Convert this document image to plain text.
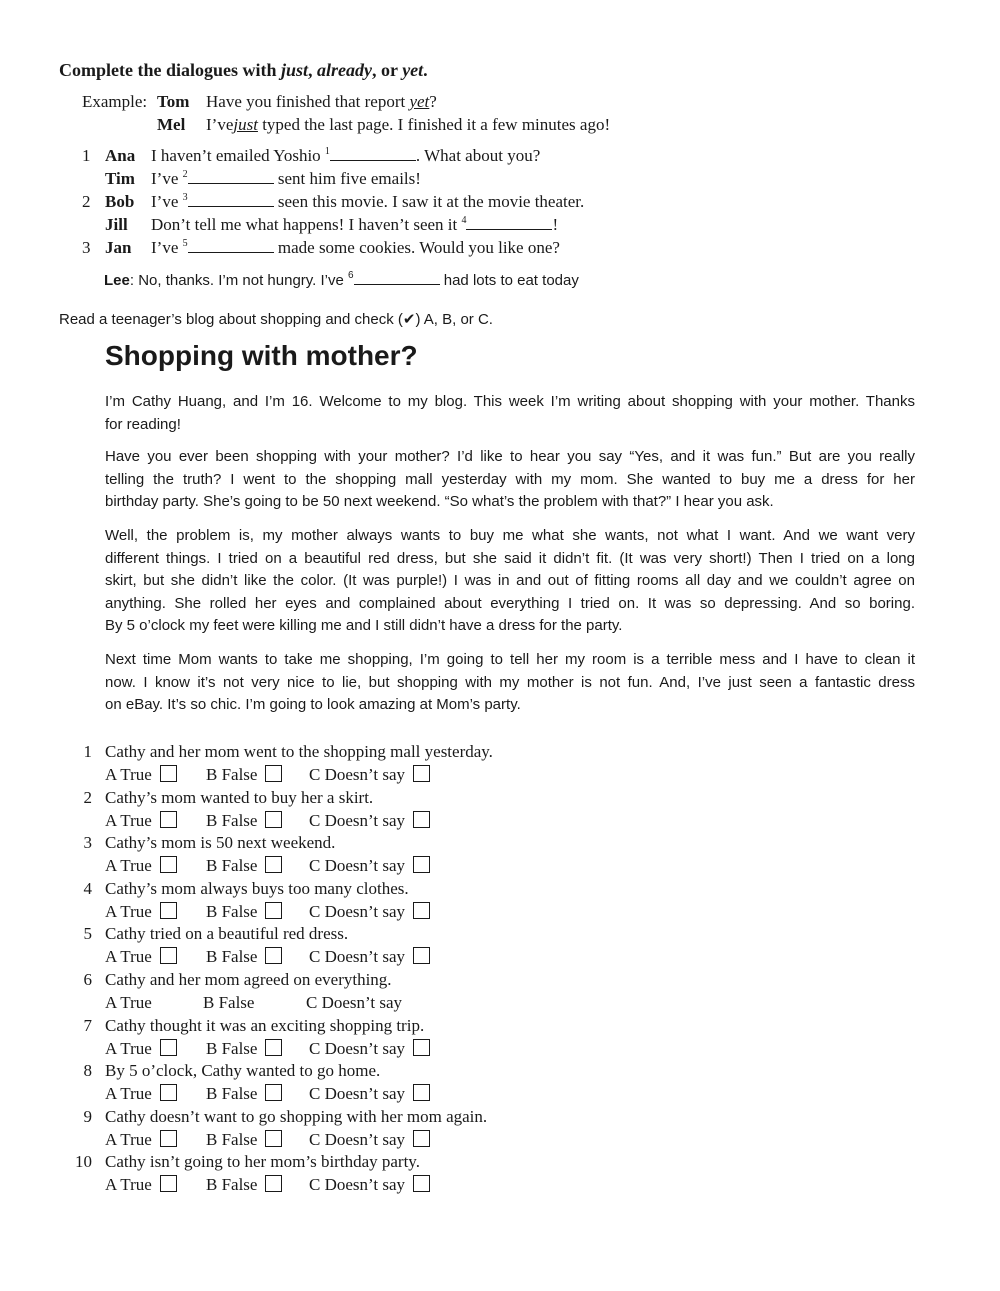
Complete the dialogues with just, already, or yet.
Example: Tom Have you finished that report yet?
Mel I’vejust typed the last page. I finished it a few minutes ago!
1 Ana I haven’t emailed Yoshio $^1$	. What about you?
Tim I’ve $^2$	sent him five emails!
2 Bob I’ve $^3$	seen this movie. I saw it at the movie theater.
Jill Don’t tell me what happens! I haven’t seen it $^4$	!
3 Jan I’ve $^5$	made some cookies. Would you like one?
Lee: No, thanks. I’m not hungry. I’ve $^6$	had lots to eat today
Read a teenager’s blog about shopping and check (✔) A, B, or C.
Shopping with mother?
I’m Cathy Huang, and I’m 16. Welcome to my blog. This week I’m writing about shopping with your mother. Thanks
for reading!
Have you ever been shopping with your mother? I’d like to hear you say “Yes, and it was fun.” But are you really
telling the truth? I went to the shopping mall yesterday with my mom. She wanted to buy me a dress for her
birthday party. She’s going to be 50 next weekend. “So what’s the problem with that?” I hear you ask.
Well, the problem is, my mother always wants to buy me what she wants, not what I want. And we want very
different things. I tried on a beautiful red dress, but she said it didn’t fit. (It was very short!) Then I tried on a long
skirt, but she didn’t like the color. (It was purple!) I was in and out of fitting rooms all day and we couldn’t agree on
anything. She rolled her eyes and complained about everything I tried on. It was so depressing. And so boring.
By 5 o’clock my feet were killing me and I still didn’t have a dress for the party.
Next time Mom wants to take me shopping, I’m going to tell her my room is a terrible mess and I have to clean it
now. I know it’s not very nice to lie, but shopping with my mother is not fun. And, I’ve just seen a fantastic dress
on eBay. It’s so chic. I’m going to look amazing at Mom’s party.
1 Cathy and her mom went to the shopping mall yesterday.
A True	B False	C Doesn’t say
2 Cathy’s mom wanted to buy her a skirt.
A True	B False	C Doesn’t say
3 Cathy’s mom is 50 next weekend.
A True	B False	C Doesn’t say
4 Cathy’s mom always buys too many clothes.
A True	B False	C Doesn’t say
5 Cathy tried on a beautiful red dress.
A True	B False	C Doesn’t say
6 Cathy and her mom agreed on everything.
A True	B False	C Doesn’t say
7 Cathy thought it was an exciting shopping trip.
A True	B False	C Doesn’t say
8 By 5 o’clock, Cathy wanted to go home.
A True	B False	C Doesn’t say
9 Cathy doesn’t want to go shopping with her mom again.
A True	B False	C Doesn’t say
10 Cathy isn’t going to her mom’s birthday party.
A True	B False	C Doesn’t say
